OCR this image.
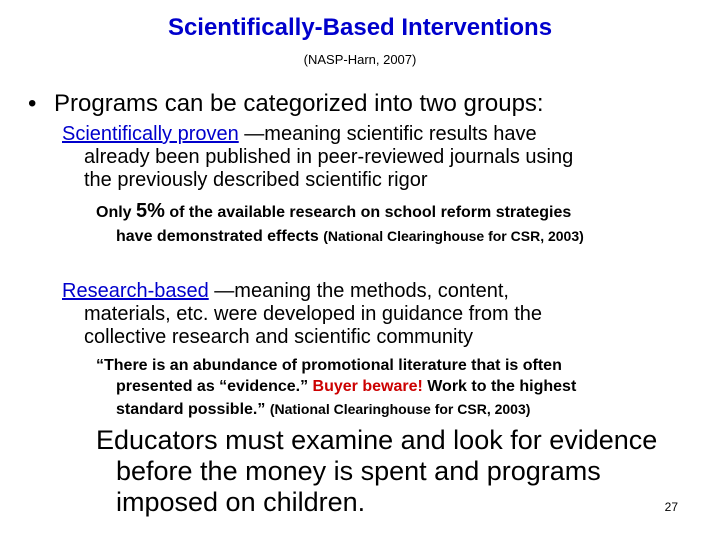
Scientifically-Based Interventions
(NASP-Harn, 2007)
• Programs can be categorized into two groups:
Scientifically proven —meaning scientific results have
already been published in peer-reviewed journals using
the previously described scientific rigor
Only 5% of the available research on school reform strategies
have demonstrated effects (National Clearinghouse for CSR, 2003)
Research-based —meaning the methods, content,
materials, etc. were developed in guidance from the
collective research and scientific community
“There is an abundance of promotional literature that is often
presented as “evidence.” Buyer beware! Work to the highest
standard possible.” (National Clearinghouse for CSR, 2003)
Educators must examine and look for evidence
before the money is spent and programs
imposed on children.	27
